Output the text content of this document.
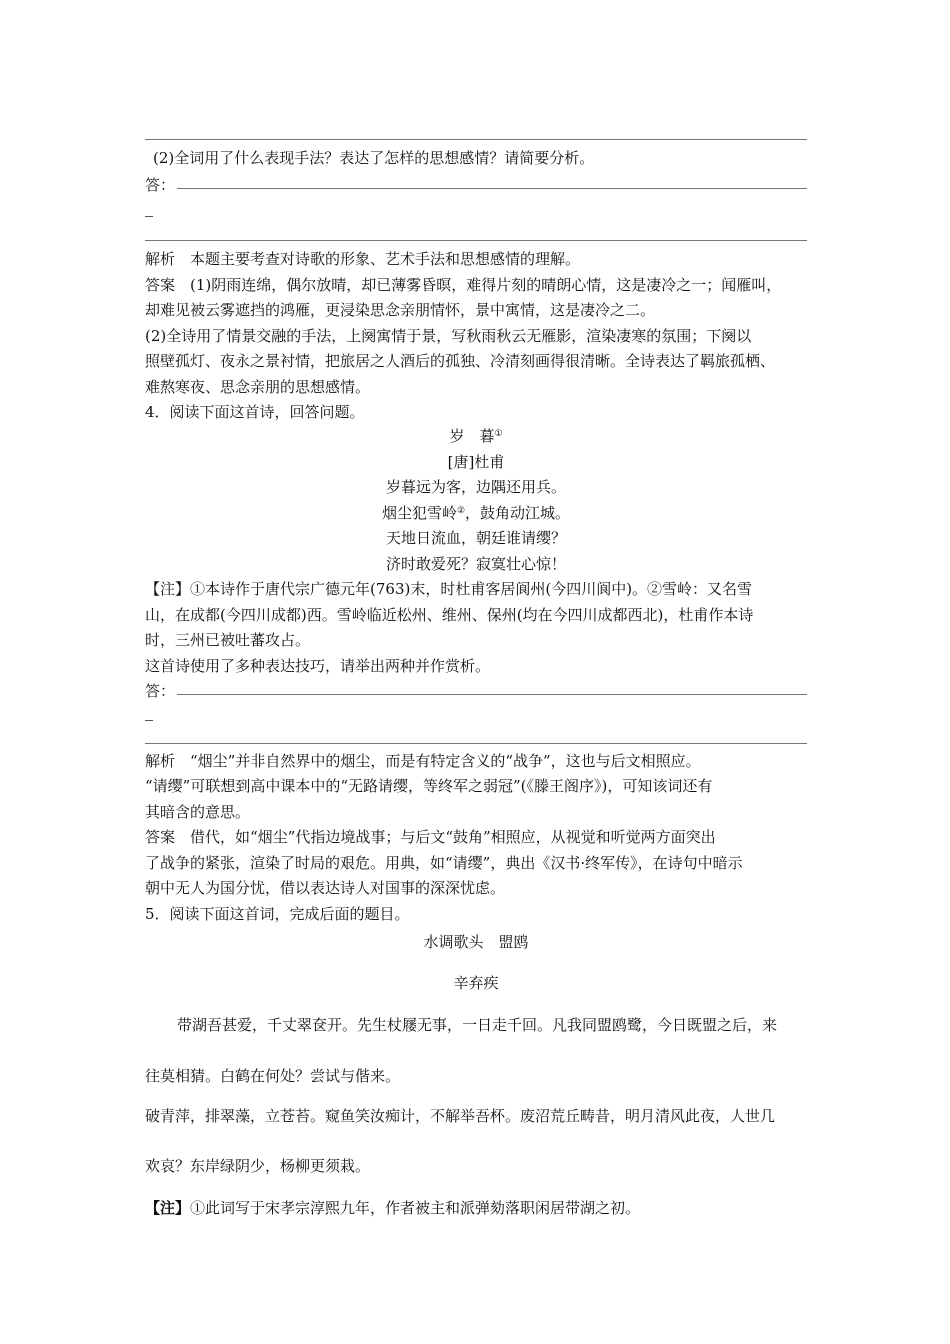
(2)全词用了什么表现手法？表达了怎样的思想感情？请简要分析。
答：
解析　本题主要考查对诗歌的形象、艺术手法和思想感情的理解。
答案　(1)阴雨连绵，偶尔放晴，却已薄雾昏暝，难得片刻的晴朗心情，这是凄冷之一；闻雁叫，
却难见被云雾遮挡的鸿雁，更浸染思念亲朋情怀，景中寓情，这是凄冷之二。
(2)全诗用了情景交融的手法，上阕寓情于景，写秋雨秋云无雁影，渲染凄寒的氛围；下阕以
照壁孤灯、夜永之景衬情，把旅居之人酒后的孤独、冷清刻画得很清晰。全诗表达了羁旅孤栖、
难熬寒夜、思念亲朋的思想感情。
4．阅读下面这首诗，回答问题。
岁　暮①
[唐]杜甫
岁暮远为客，边隅还用兵。
烟尘犯雪岭②，鼓角动江城。
天地日流血，朝廷谁请缨？
济时敢爱死？寂寞壮心惊！
【注】①本诗作于唐代宗广德元年(763)末，时杜甫客居阆州(今四川阆中)。②雪岭：又名雪
山，在成都(今四川成都)西。雪岭临近松州、维州、保州(均在今四川成都西北)，杜甫作本诗
时，三州已被吐蕃攻占。
这首诗使用了多种表达技巧，请举出两种并作赏析。
答：
解析　“烟尘”并非自然界中的烟尘，而是有特定含义的“战争”，这也与后文相照应。
“请缨”可联想到高中课本中的“无路请缨，等终军之弱冠”(《滕王阁序》)，可知该词还有
其暗含的意思。
答案　借代，如“烟尘”代指边境战事；与后文“鼓角”相照应，从视觉和听觉两方面突出
了战争的紧张，渲染了时局的艰危。用典，如“请缨”，典出《汉书·终军传》，在诗句中暗示
朝中无人为国分忧，借以表达诗人对国事的深深忧虑。
5．阅读下面这首词，完成后面的题目。
水调歌头　盟鸥
辛弃疾
带湖吾甚爱，千丈翠奁开。先生杖屦无事，一日走千回。凡我同盟鸥鹭，今日既盟之后，来
往莫相猜。白鹤在何处？尝试与偕来。
破青萍，排翠藻，立苍苔。窥鱼笑汝痴计，不解举吾杯。废沼荒丘畴昔，明月清风此夜，人世几
欢哀？东岸绿阴少，杨柳更须栽。
【注】①此词写于宋孝宗淳熙九年，作者被主和派弹劾落职闲居带湖之初。
